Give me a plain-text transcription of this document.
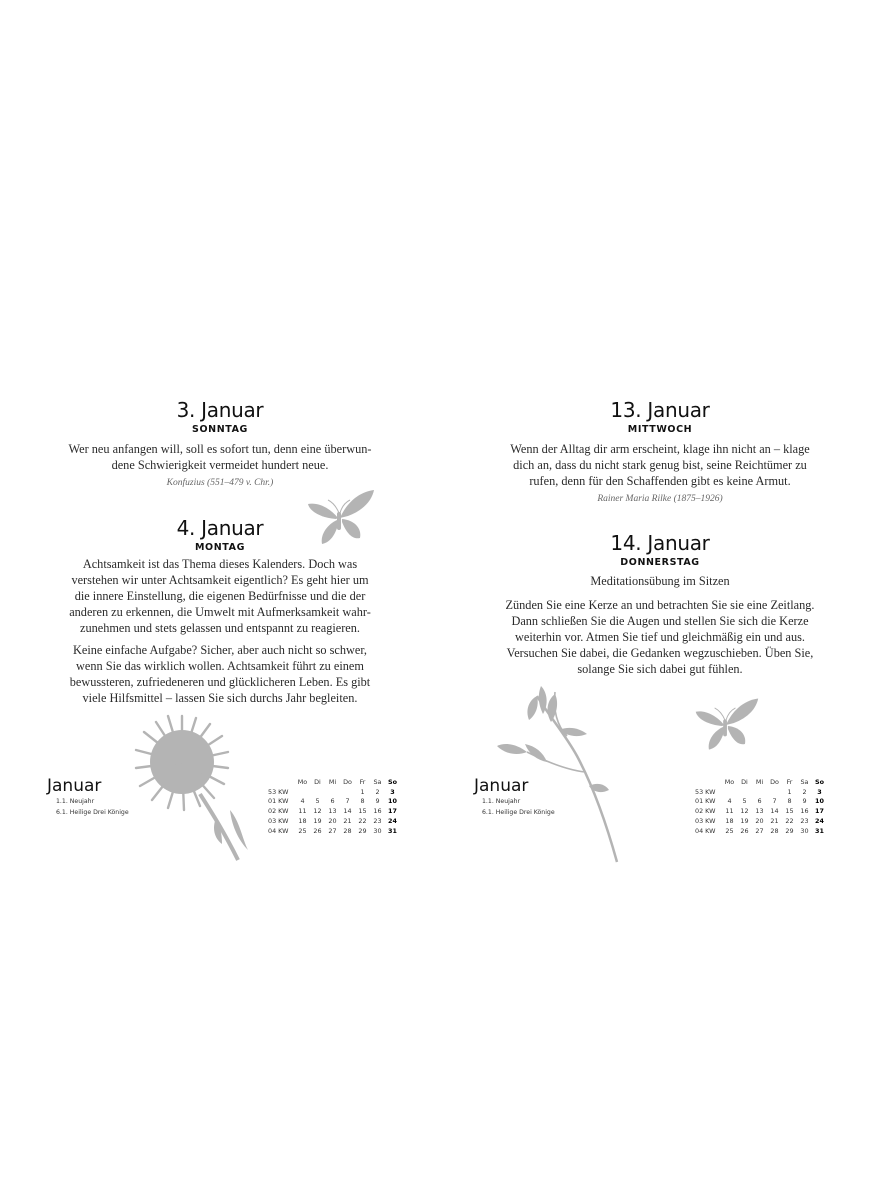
3. Januar
SONNTAG
Wer neu anfangen will, soll es sofort tun, denn eine überwun-
dene Schwierigkeit vermeidet hundert neue.
Konfuzius (551–479 v. Chr.)
4. Januar
MONTAG
Achtsamkeit ist das Thema dieses Kalenders. Doch was
verstehen wir unter Achtsamkeit eigentlich? Es geht hier um
die innere Einstellung, die eigenen Bedürfnisse und die der
anderen zu erkennen, die Umwelt mit Aufmerksamkeit wahr-
zunehmen und stets gelassen und entspannt zu reagieren.
Keine einfache Aufgabe? Sicher, aber auch nicht so schwer,
wenn Sie das wirklich wollen. Achtsamkeit führt zu einem
bewussteren, zufriedeneren und glücklicheren Leben. Es gibt
viele Hilfsmittel – lassen Sie sich durchs Jahr begleiten.
Januar
1.1. Neujahr
6.1. Heilige Drei Könige
	Mo	Di	Mi	Do	Fr	Sa	So
53 KW					1	2	3
01 KW	4	5	6	7	8	9	10
02 KW	11	12	13	14	15	16	17
03 KW	18	19	20	21	22	23	24
04 KW	25	26	27	28	29	30	31
13. Januar
MITTWOCH
Wenn der Alltag dir arm erscheint, klage ihn nicht an – klage
dich an, dass du nicht stark genug bist, seine Reichtümer zu
rufen, denn für den Schaffenden gibt es keine Armut.
Rainer Maria Rilke (1875–1926)
14. Januar
DONNERSTAG
Meditationsübung im Sitzen
Zünden Sie eine Kerze an und betrachten Sie sie eine Zeitlang.
Dann schließen Sie die Augen und stellen Sie sich die Kerze
weiterhin vor. Atmen Sie tief und gleichmäßig ein und aus.
Versuchen Sie dabei, die Gedanken wegzuschieben. Üben Sie,
solange Sie sich dabei gut fühlen.
Januar
1.1. Neujahr
6.1. Heilige Drei Könige
	Mo	Di	Mi	Do	Fr	Sa	So
53 KW					1	2	3
01 KW	4	5	6	7	8	9	10
02 KW	11	12	13	14	15	16	17
03 KW	18	19	20	21	22	23	24
04 KW	25	26	27	28	29	30	31
